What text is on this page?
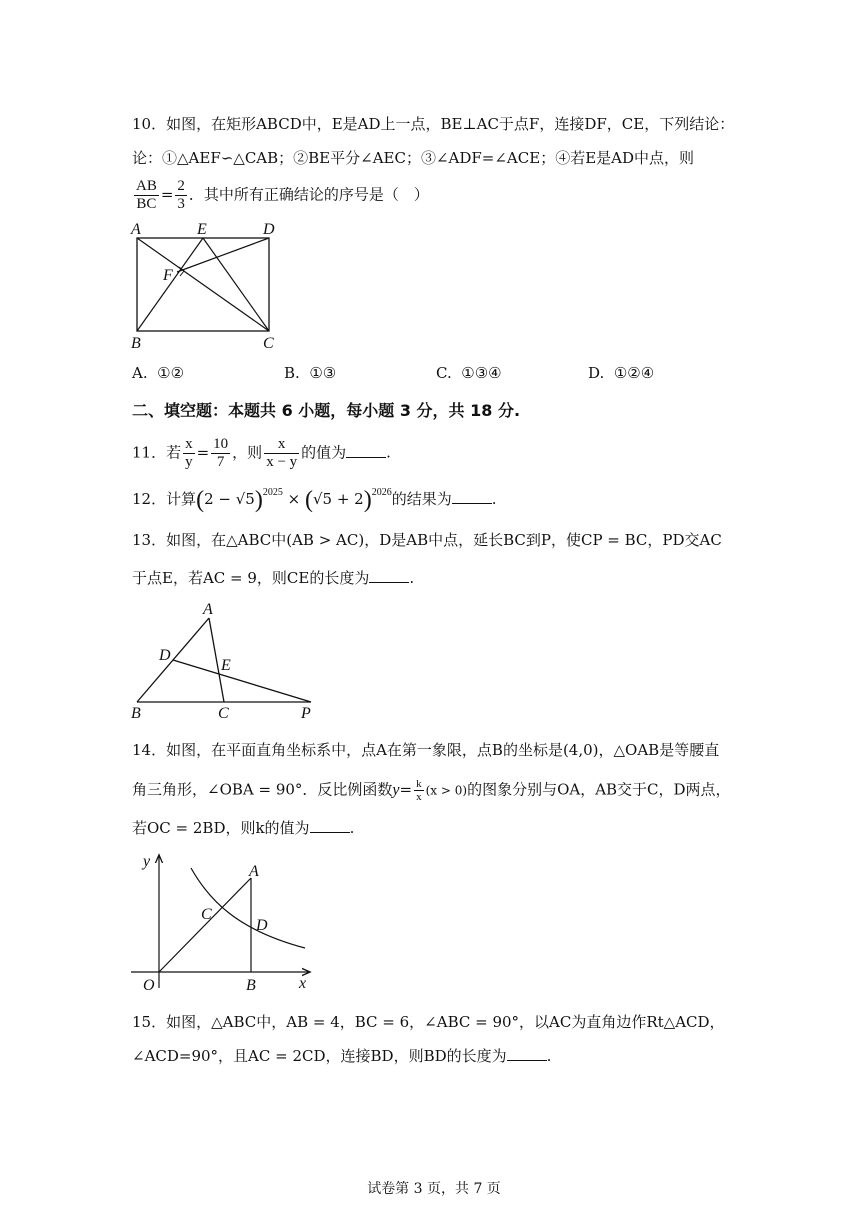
10．如图，在矩形ABCD中，E是AD上一点，BE⊥AC于点F，连接DF，CE，下列结论：
论：①△AEF∽△CAB；②BE平分∠AEC；③∠ADF=∠ACE；④若E是AD中点，则
$\frac{AB}{BC} = \frac{2}{3}$ ．其中所有正确结论的序号是（　）
A	E	D
F
B	C
A. ①②	B. ①③	C. ①③④	D. ①②④
二、填空题：本题共 6 小题，每小题 3 分，共 18 分.
11．若 $\frac{x}{y} = \frac{10}{7}$ ，则 $\frac{x}{x - y}$ 的值为	.
12．计算$(2 - √5)^{2025} \times (√5 + 2)^{2026}$的结果为	.
13．如图，在△ABC中(AB > AC)，D是AB中点，延长BC到P，使CP = BC，PD交AC
于点E，若AC = 9，则CE的长度为	.
A
D
E
B	C	P
14．如图，在平面直角坐标系中，点A在第一象限，点B的坐标是(4,0)，△OAB是等腰直
角三角形，∠OBA = 90°．反比例函数$y= \frac{k}{x} (x > 0)$的图象分别与OA，AB交于C，D两点，
若OC = 2BD，则k的值为	.
y
A
C
D
O	B	x
15．如图，△ABC中，AB = 4，BC = 6，∠ABC = 90°，以AC为直角边作Rt△ACD，
∠ACD=90°，且AC = 2CD，连接BD，则BD的长度为	.
试卷第 3 页，共 7 页
